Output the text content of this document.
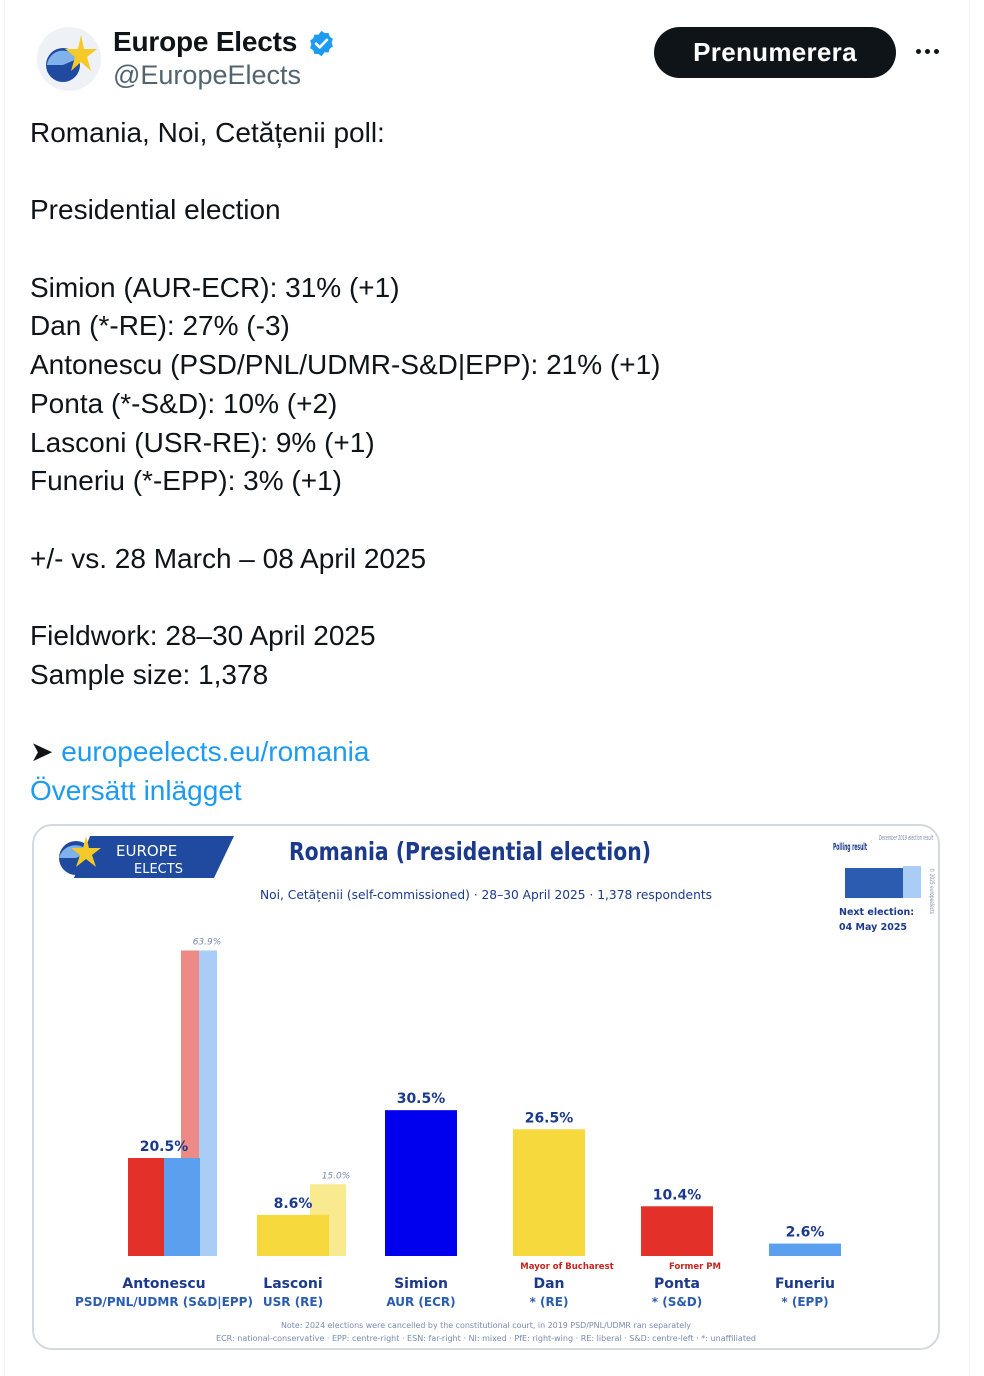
Europe Elects
@EuropeElects
Prenumerera
Romania, Noi, Cetățenii poll:
Presidential election
Simion (AUR-ECR): 31% (+1)
Dan (*-RE): 27% (-3)
Antonescu (PSD/PNL/UDMR-S&D|EPP): 21% (+1)
Ponta (*-S&D): 10% (+2)
Lasconi (USR-RE): 9% (+1)
Funeriu (*-EPP): 3% (+1)
+/- vs. 28 March – 08 April 2025
Fieldwork: 28–30 April 2025
Sample size: 1,378
➤ europeelects.eu/romania
Översätt inlägget
EUROPE
ELECTS
Romania (Presidential election)
Noi, Cetățenii (self-commissioned) · 28–30 April 2025 · 1,378 respondents
Polling result
December 2019 election result
© 2025 europeelects
Next election:
04 May 2025
63.9%
20.5%
Antonescu
PSD/PNL/UDMR (S&D|EPP)
15.0%
8.6%
Lasconi
USR (RE)
30.5%
Simion
AUR (ECR)
26.5%
Mayor of Bucharest
Dan
* (RE)
10.4%
Former PM
Ponta
* (S&D)
2.6%
Funeriu
* (EPP)
Note: 2024 elections were cancelled by the constitutional court, in 2019 PSD/PNL/UDMR ran separately
ECR: national-conservative · EPP: centre-right · ESN: far-right · NI: mixed · PfE: right-wing · RE: liberal · S&D: centre-left · *: unaffiliated
